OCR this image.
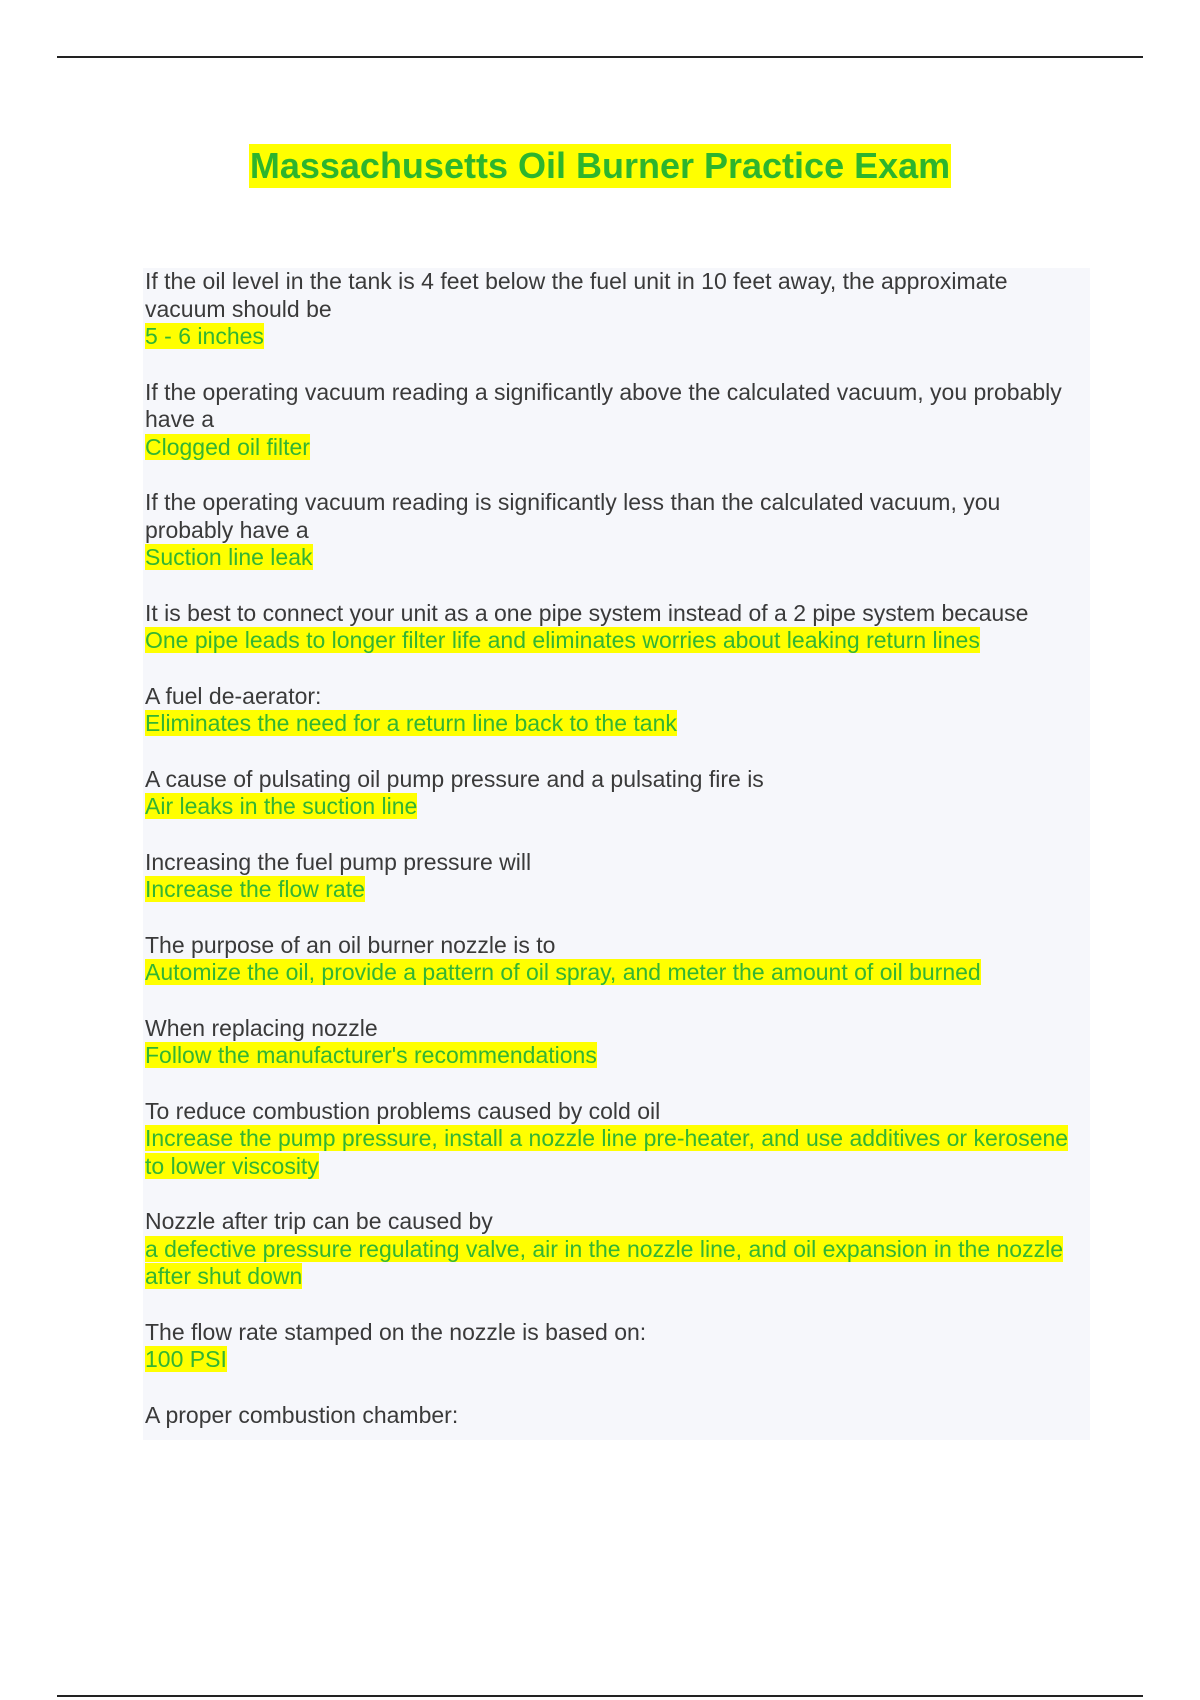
Massachusetts Oil Burner Practice Exam

If the oil level in the tank is 4 feet below the fuel unit in 10 feet away, the approximate vacuum should be

5 - 6 inches

If the operating vacuum reading a significantly above the calculated vacuum, you probably have a

Clogged oil filter

If the operating vacuum reading is significantly less than the calculated vacuum, you probably have a

Suction line leak

It is best to connect your unit as a one pipe system instead of a 2 pipe system because

One pipe leads to longer filter life and eliminates worries about leaking return lines

A fuel de-aerator:

Eliminates the need for a return line back to the tank

A cause of pulsating oil pump pressure and a pulsating fire is

Air leaks in the suction line

Increasing the fuel pump pressure will

Increase the flow rate

The purpose of an oil burner nozzle is to

Automize the oil, provide a pattern of oil spray, and meter the amount of oil burned

When replacing nozzle

Follow the manufacturer's recommendations

To reduce combustion problems caused by cold oil

Increase the pump pressure, install a nozzle line pre-heater, and use additives or kerosene to lower viscosity

Nozzle after trip can be caused by

a defective pressure regulating valve, air in the nozzle line, and oil expansion in the nozzle after shut down

The flow rate stamped on the nozzle is based on:

100 PSI

A proper combustion chamber:
